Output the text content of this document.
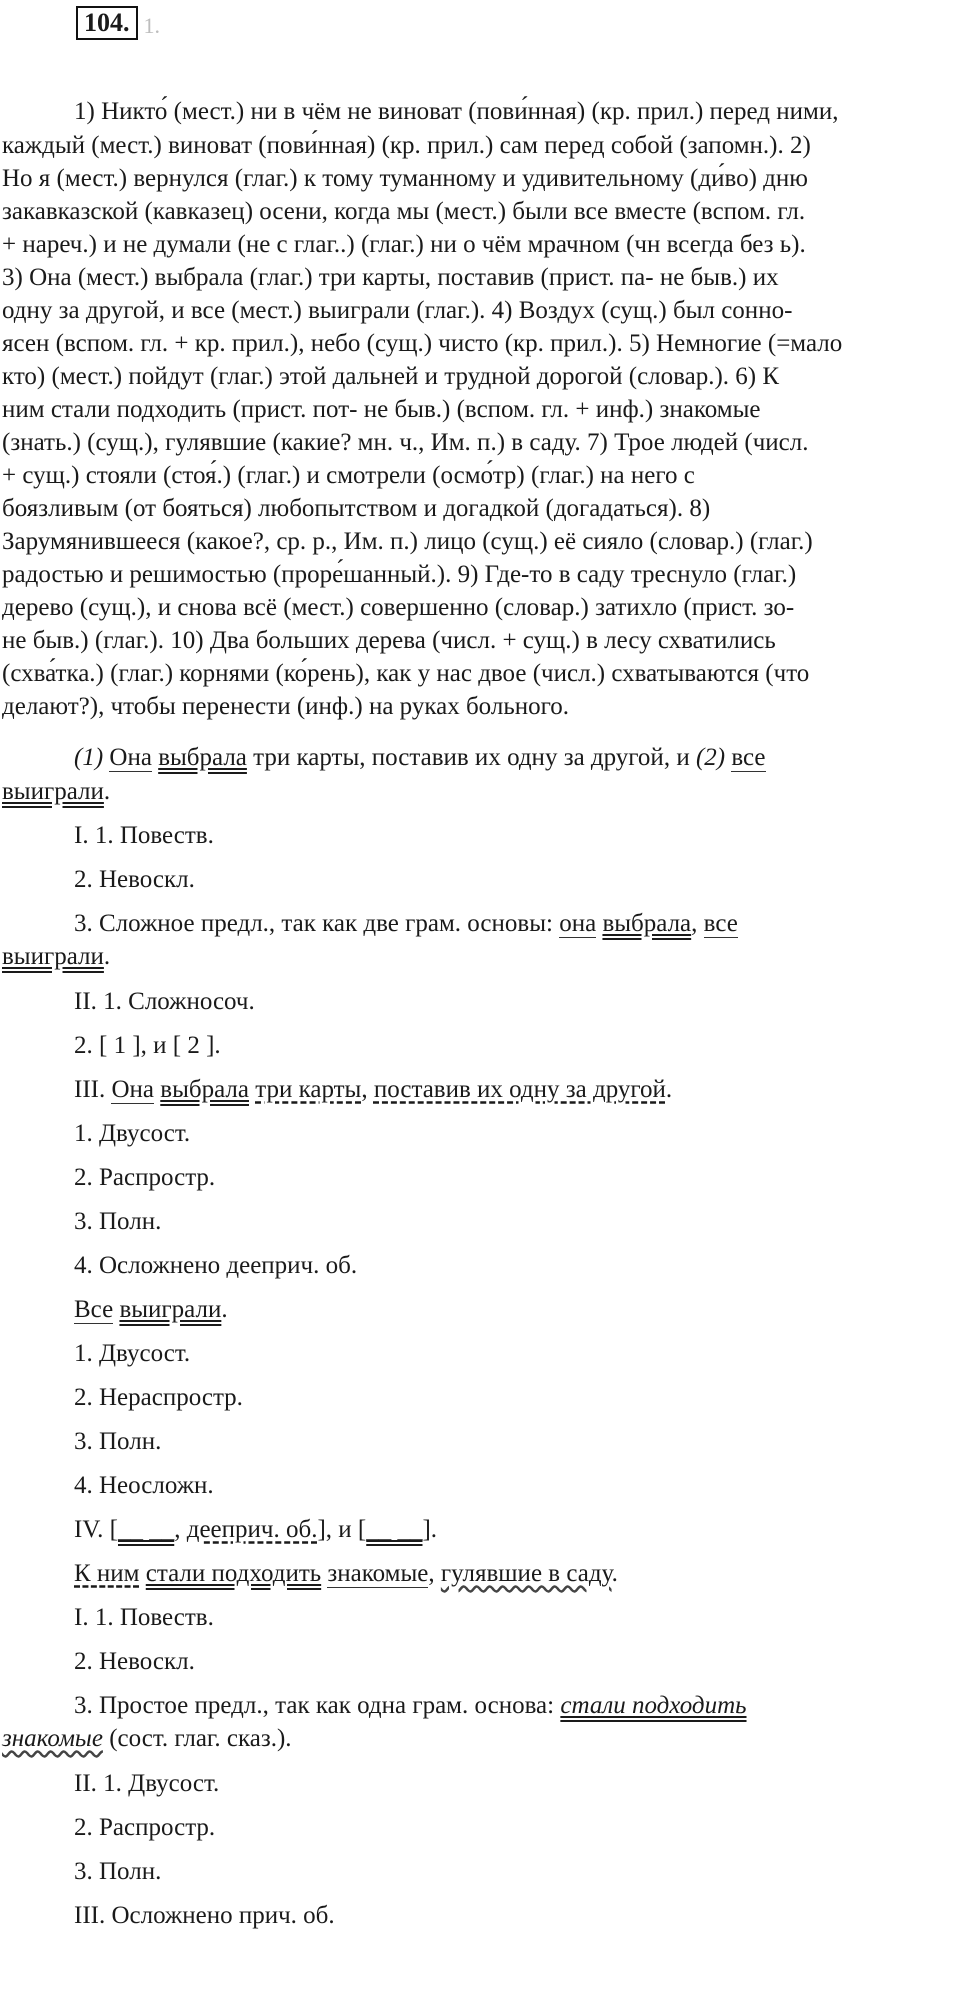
104. 1.
1) Никто́ (мест.) ни в чём не виноват (пови́нная) (кр. прил.) перед ними,
каждый (мест.) виноват (пови́нная) (кр. прил.) сам перед собой (запомн.). 2)
Но я (мест.) вернулся (глаг.) к тому туманному и удивительному (ди́во) дню
закавказской (кавказец) осени, когда мы (мест.) были все вместе (вспом. гл.
+ нареч.) и не думали (не с глаг..) (глаг.) ни о чём мрачном (чн всегда без ь).
3) Она (мест.) выбрала (глаг.) три карты, поставив (прист. па- не быв.) их
одну за другой, и все (мест.) выиграли (глаг.). 4) Воздух (сущ.) был сонно-
ясен (вспом. гл. + кр. прил.), небо (сущ.) чисто (кр. прил.). 5) Немногие (=мало
кто) (мест.) пойдут (глаг.) этой дальней и трудной дорогой (словар.). 6) К
ним стали подходить (прист. пот- не быв.) (вспом. гл. + инф.) знакомые
(знать.) (сущ.), гулявшие (какие? мн. ч., Им. п.) в саду. 7) Трое людей (числ.
+ сущ.) стояли (стоя́.) (глаг.) и смотрели (осмо́тр) (глаг.) на него с
боязливым (от бояться) любопытством и догадкой (догадаться). 8)
Зарумянившееся (какое?, ср. р., Им. п.) лицо (сущ.) её сияло (словар.) (глаг.)
радостью и решимостью (проре́шанный.). 9) Где-то в саду треснуло (глаг.)
дерево (сущ.), и снова всё (мест.) совершенно (словар.) затихло (прист. зо-
не быв.) (глаг.). 10) Два больших дерева (числ. + сущ.) в лесу схватились
(схва́тка.) (глаг.) корнями (ко́рень), как у нас двое (числ.) схватываются (что
делают?), чтобы перенести (инф.) на руках больного.
(1) Она выбрала три карты, поставив их одну за другой, и (2) все
выиграли.
I. 1. Повеств.
2. Невоскл.
3. Сложное предл., так как две грам. основы: она выбрала, все
выиграли.
II. 1. Сложносоч.
2. [ 1 ], и [ 2 ].
III. Она выбрала три карты, поставив их одну за другой.
1. Двусост.
2. Распростр.
3. Полн.
4. Осложнено дееприч. об.
Все выиграли.
1. Двусост.
2. Нераспростр.
3. Полн.
4. Неосложн.
IV. [__ __, дееприч. об.], и [__ __].
К ним стали подходить знакомые, гулявшие в саду.
I. 1. Повеств.
2. Невоскл.
3. Простое предл., так как одна грам. основа: стали подходить
знакомые (сост. глаг. сказ.).
II. 1. Двусост.
2. Распростр.
3. Полн.
III. Осложнено прич. об.
